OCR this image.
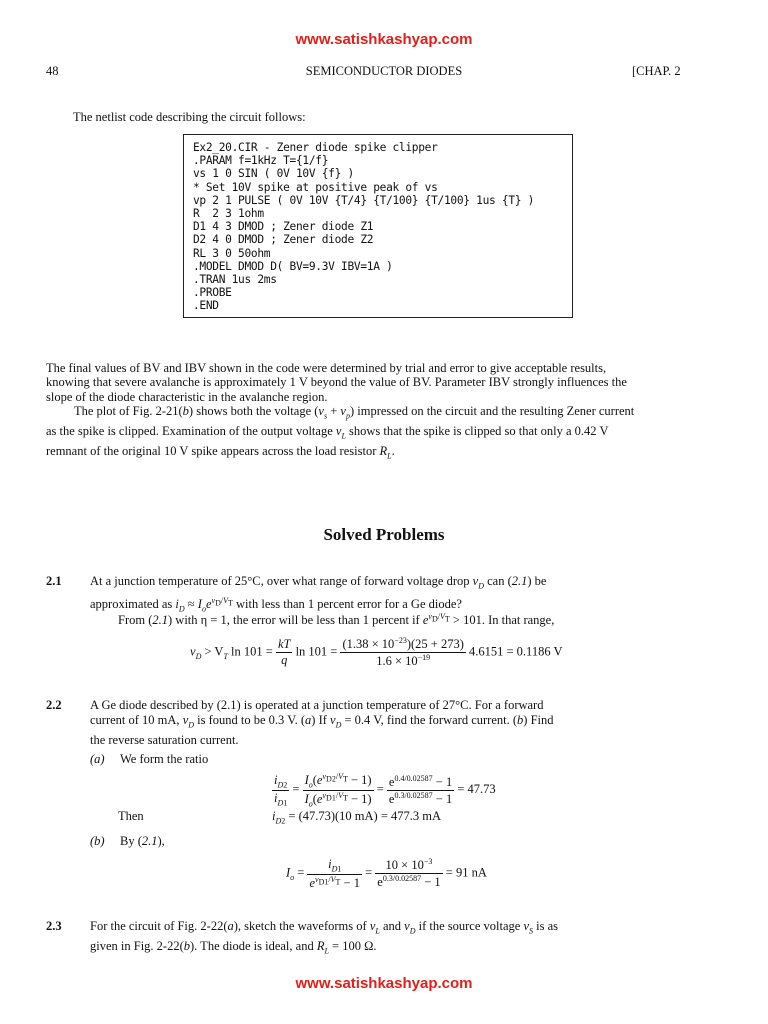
www.satishkashyap.com
www.satishkashyap.com
48	SEMICONDUCTOR DIODES	[CHAP. 2
The netlist code describing the circuit follows:
Ex2_20.CIR - Zener diode spike clipper
.PARAM f=1kHz T={1/f}
vs 1 0 SIN ( 0V 10V {f} )
* Set 10V spike at positive peak of vs
vp 2 1 PULSE ( 0V 10V {T/4} {T/100} {T/100} 1us {T} )
R  2 3 1ohm
D1 4 3 DMOD ; Zener diode Z1
D2 4 0 DMOD ; Zener diode Z2
RL 3 0 50ohm
.MODEL DMOD D( BV=9.3V IBV=1A )
.TRAN 1us 2ms
.PROBE
.END
The final values of BV and IBV shown in the code were determined by trial and error to give acceptable results,
knowing that severe avalanche is approximately 1 V beyond the value of BV. Parameter IBV strongly influences the
slope of the diode characteristic in the avalanche region.
The plot of Fig. 2-21(b) shows both the voltage $(v_s + v_p)$ impressed on the circuit and the resulting Zener current
as the spike is clipped. Examination of the output voltage $v_L$ shows that the spike is clipped so that only a 0.42 V
remnant of the original 10 V spike appears across the load resistor $R_L$.
Solved Problems
2.1 At a junction temperature of 25°C, over what range of forward voltage drop $v_D$ can (2.1) be
approximated as $i_D \approx I_oe^{v_D/V_T}$ with less than 1 percent error for a Ge diode?
From (2.1) with η = 1, the error will be less than 1 percent if $e^{v_D/V_T} > 101$. In that range,
$v_D > V_T$ $\ln 101 = \frac{kT}{q}$ $\ln 101 = \frac{(1.38 \times 10^{-23})(25 + 273)}{1.6 \times 10^{-19}} 4.6151 = 0.1186$ V
2.2 A Ge diode described by (2.1) is operated at a junction temperature of 27°C. For a forward
current of 10 mA, $v_D$ is found to be 0.3 V. (a) If $v_D = 0.4$ V, find the forward current. (b) Find
the reverse saturation current.
(a) We form the ratio
$\frac{i_{D2}}{i_{D1}} = \frac{I_o(e^{v_{D2}/V_T} - 1)}{I_o(e^{v_{D1}/V_T} - 1)} = \frac{e^{0.4/0.02587} - 1}{e^{0.3/0.02587} - 1} = 47.73$
Then	$i_{D2} = (47.73)(10$ mA) = 477.3 mA
(b) By (2.1),
$I_o = \frac{i_{D1}}{e^{v_{D1}/V_T} - 1} = \frac{10 \times 10^{-3}}{e^{0.3/0.02587} - 1} = 91$ nA
2.3 For the circuit of Fig. 2-22(a), sketch the waveforms of $v_L$ and $v_D$ if the source voltage $v_S$ is as
given in Fig. 2-22(b). The diode is ideal, and $R_L = 100$ Ω.
